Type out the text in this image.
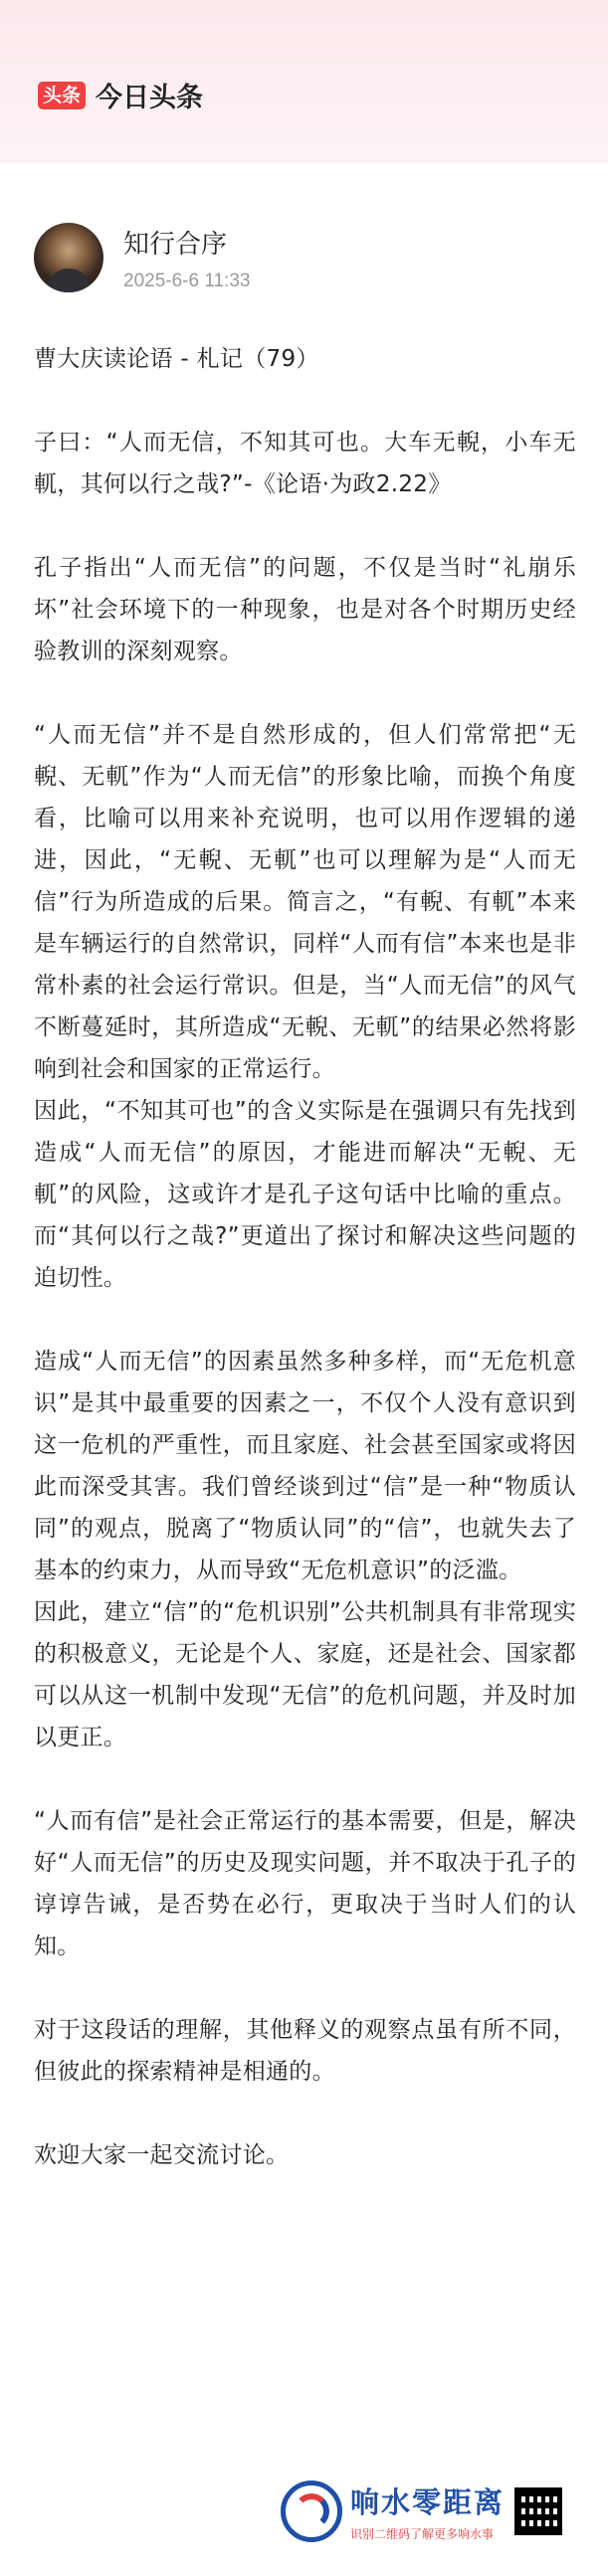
头条 今日头条
知行合序
2025-6-6 11:33

曹大庆读论语 - 札记（79）

子曰：“人而无信，不知其可也。大车无輗，小车无軏，其何以行之哉?”-《论语·为政2.22》

孔子指出“人而无信”的问题，不仅是当时“礼崩乐坏”社会环境下的一种现象，也是对各个时期历史经验教训的深刻观察。

“人而无信”并不是自然形成的，但人们常常把“无輗、无軏”作为“人而无信”的形象比喻，而换个角度看，比喻可以用来补充说明，也可以用作逻辑的递进，因此，“无輗、无軏”也可以理解为是“人而无信”行为所造成的后果。简言之，“有輗、有軏”本来是车辆运行的自然常识，同样“人而有信”本来也是非常朴素的社会运行常识。但是，当“人而无信”的风气不断蔓延时，其所造成“无輗、无軏”的结果必然将影响到社会和国家的正常运行。

因此，“不知其可也”的含义实际是在强调只有先找到造成“人而无信”的原因，才能进而解决“无輗、无軏”的风险，这或许才是孔子这句话中比喻的重点。而“其何以行之哉?”更道出了探讨和解决这些问题的迫切性。

造成“人而无信”的因素虽然多种多样，而“无危机意识”是其中最重要的因素之一，不仅个人没有意识到这一危机的严重性，而且家庭、社会甚至国家或将因此而深受其害。我们曾经谈到过“信”是一种“物质认同”的观点，脱离了“物质认同”的“信”，也就失去了基本的约束力，从而导致“无危机意识”的泛滥。

因此，建立“信”的“危机识别”公共机制具有非常现实的积极意义，无论是个人、家庭，还是社会、国家都可以从这一机制中发现“无信”的危机问题，并及时加以更正。

“人而有信”是社会正常运行的基本需要，但是，解决好“人而无信”的历史及现实问题，并不取决于孔子的谆谆告诫，是否势在必行，更取决于当时人们的认知。

对于这段话的理解，其他释义的观察点虽有所不同，但彼此的探索精神是相通的。

欢迎大家一起交流讨论。

响水零距离
识别二维码了解更多响水事
